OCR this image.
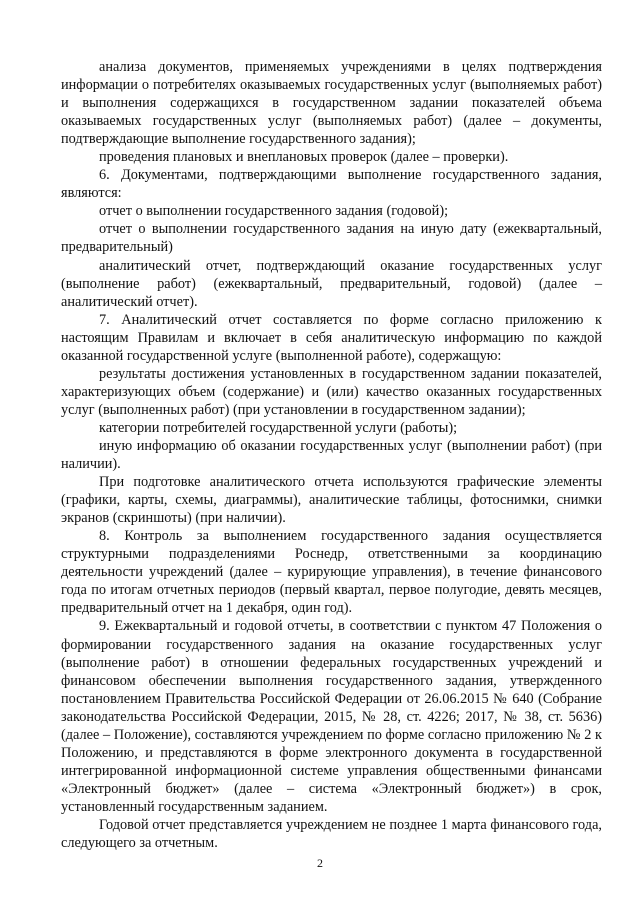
анализа документов, применяемых учреждениями в целях подтверждения информации о потребителях оказываемых государственных услуг (выполняемых работ) и выполнения содержащихся в государственном задании показателей объема оказываемых государственных услуг (выполняемых работ) (далее – документы, подтверждающие выполнение государственного задания);

проведения плановых и внеплановых проверок (далее – проверки).

6. Документами, подтверждающими выполнение государственного задания, являются:

отчет о выполнении государственного задания (годовой);

отчет о выполнении государственного задания на иную дату (ежеквартальный, предварительный)

аналитический отчет, подтверждающий оказание государственных услуг (выполнение работ) (ежеквартальный, предварительный, годовой) (далее – аналитический отчет).

7. Аналитический отчет составляется по форме согласно приложению к настоящим Правилам и включает в себя аналитическую информацию по каждой оказанной государственной услуге (выполненной работе), содержащую:

результаты достижения установленных в государственном задании показателей, характеризующих объем (содержание) и (или) качество оказанных государственных услуг (выполненных работ) (при установлении в государственном задании);

категории потребителей государственной услуги (работы);

иную информацию об оказании государственных услуг (выполнении работ) (при наличии).

При подготовке аналитического отчета используются графические элементы (графики, карты, схемы, диаграммы), аналитические таблицы, фотоснимки, снимки экранов (скриншоты) (при наличии).

8. Контроль за выполнением государственного задания осуществляется структурными подразделениями Роснедр, ответственными за координацию деятельности учреждений (далее – курирующие управления), в течение финансового года по итогам отчетных периодов (первый квартал, первое полугодие, девять месяцев, предварительный отчет на 1 декабря, один год).

9. Ежеквартальный и годовой отчеты, в соответствии с пунктом 47 Положения о формировании государственного задания на оказание государственных услуг (выполнение работ) в отношении федеральных государственных учреждений и финансовом обеспечении выполнения государственного задания, утвержденного постановлением Правительства Российской Федерации от 26.06.2015 № 640 (Собрание законодательства Российской Федерации, 2015, № 28, ст. 4226; 2017, № 38, ст. 5636) (далее – Положение), составляются учреждением по форме согласно приложению № 2 к Положению, и представляются в форме электронного документа в государственной интегрированной информационной системе управления общественными финансами «Электронный бюджет» (далее – система «Электронный бюджет») в срок, установленный государственным заданием.

Годовой отчет представляется учреждением не позднее 1 марта финансового года, следующего за отчетным.

2
